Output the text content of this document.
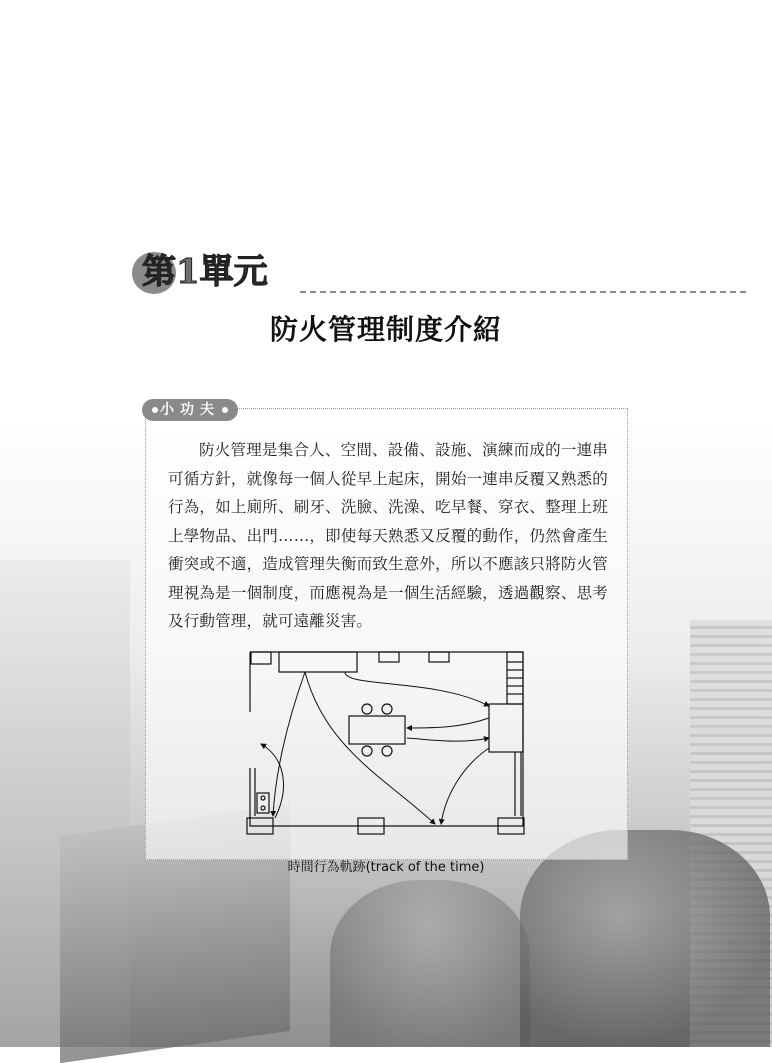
第1單元
防火管理制度介紹
小功夫
防火管理是集合人、空間、設備、設施、演練而成的一連串可循方針，就像每一個人從早上起床，開始一連串反覆又熟悉的行為，如上廁所、刷牙、洗臉、洗澡、吃早餐、穿衣、整理上班上學物品、出門……，即使每天熟悉又反覆的動作，仍然會產生衝突或不適，造成管理失衡而致生意外，所以不應該只將防火管理視為是一個制度，而應視為是一個生活經驗，透過觀察、思考及行動管理，就可遠離災害。
時間行為軌跡(track of the time)
